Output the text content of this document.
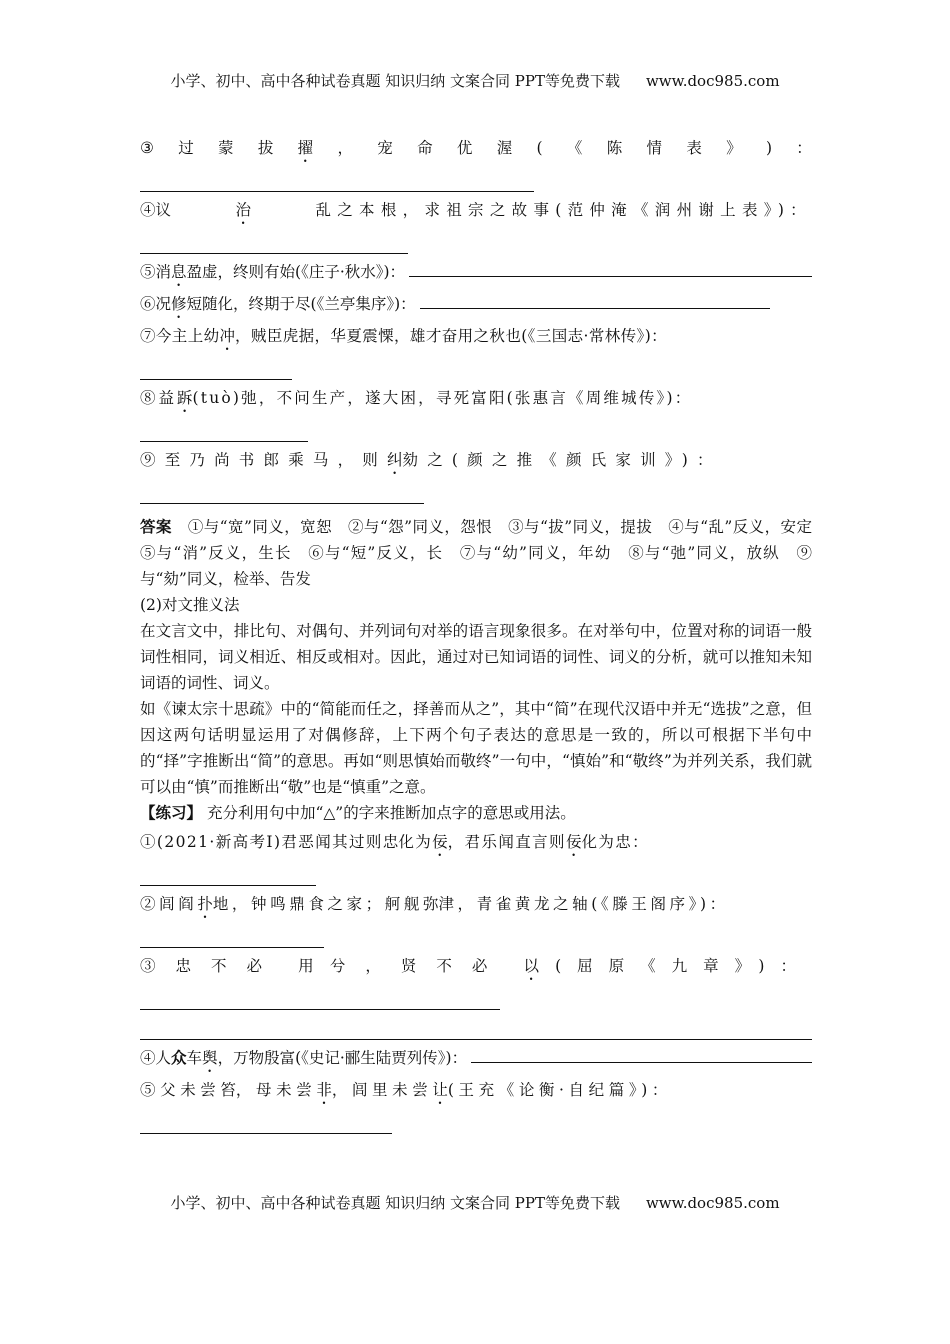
小学、初中、高中各种试卷真题 知识归纳 文案合同 PPT等免费下载 www.doc985.com
③ 过 蒙 拔 擢 ， 宠 命 优 渥 ( 《 陈 情 表 》 ) ：
④议	治	乱之本根，求祖宗之故事(范仲淹《润州谢上表》)：
⑤消 息 盈虚，终则有始(《庄子·秋水》)：
⑥况 修 短随化，终期于尽(《兰亭集序》)：
⑦今主上幼 冲 ，贼臣虎据，华夏震慄，雄才奋用之秋也(《三国志·常林传》)：
⑧益 跅 (tuò)弛，不问生产，遂大困，寻死富阳(张惠言《周维城传》)：
⑨至乃尚书郎乘马，则 纠 劾之(颜之推《颜氏家训》)：
答案　 ①与“宽”同义，宽恕　②与“怨”同义，怨恨　③与“拔”同义，提拔　④与“乱”反义，安定　⑤与“消”反义，生长　⑥与“短”反义，长　⑦与“幼”同义，年幼　⑧与“弛”同义，放纵　⑨与“劾”同义，检举、告发
(2)对文推义法
在文言文中，排比句、对偶句、并列词句对举的语言现象很多。在对举句中，位置对称的词语一般词性相同，词义相近、相反或相对。因此，通过对已知词语的词性、词义的分析，就可以推知未知词语的词性、词义。
如《谏太宗十思疏》中的“简能而任之，择善而从之”，其中“简”在现代汉语中并无“选拔”之意，但因这两句话明显运用了对偶修辞，上下两个句子表达的意思是一致的，所以可根据下半句中的“择”字推断出“简”的意思。再如“则思慎始而敬终”一句中，“慎始”和“敬终”为并列关系，我们就可以由“慎”而推断出“敬”也是“慎重”之意。
【练习】 充分利用句中加“△”的字来推断加点字的意思或用法。
①(2021·新高考Ⅰ)君恶闻其过则 忠 化为 佞 ，君乐闻直言则 佞 化为忠：
②闾阎 扑 地，钟鸣鼎食之家；舸舰 弥 津，青雀黄龙之轴(《滕王阁序》)：
③忠不必 用 兮，贤不必 以 (屈原《九章》)：
④人 众 车 舆 ，万物殷富(《史记·郦生陆贾列传》)：
⑤父未尝 笞 ，母未尝 非 ，闾里未尝 让 (王充《论衡·自纪篇》)：
小学、初中、高中各种试卷真题 知识归纳 文案合同 PPT等免费下载 www.doc985.com
